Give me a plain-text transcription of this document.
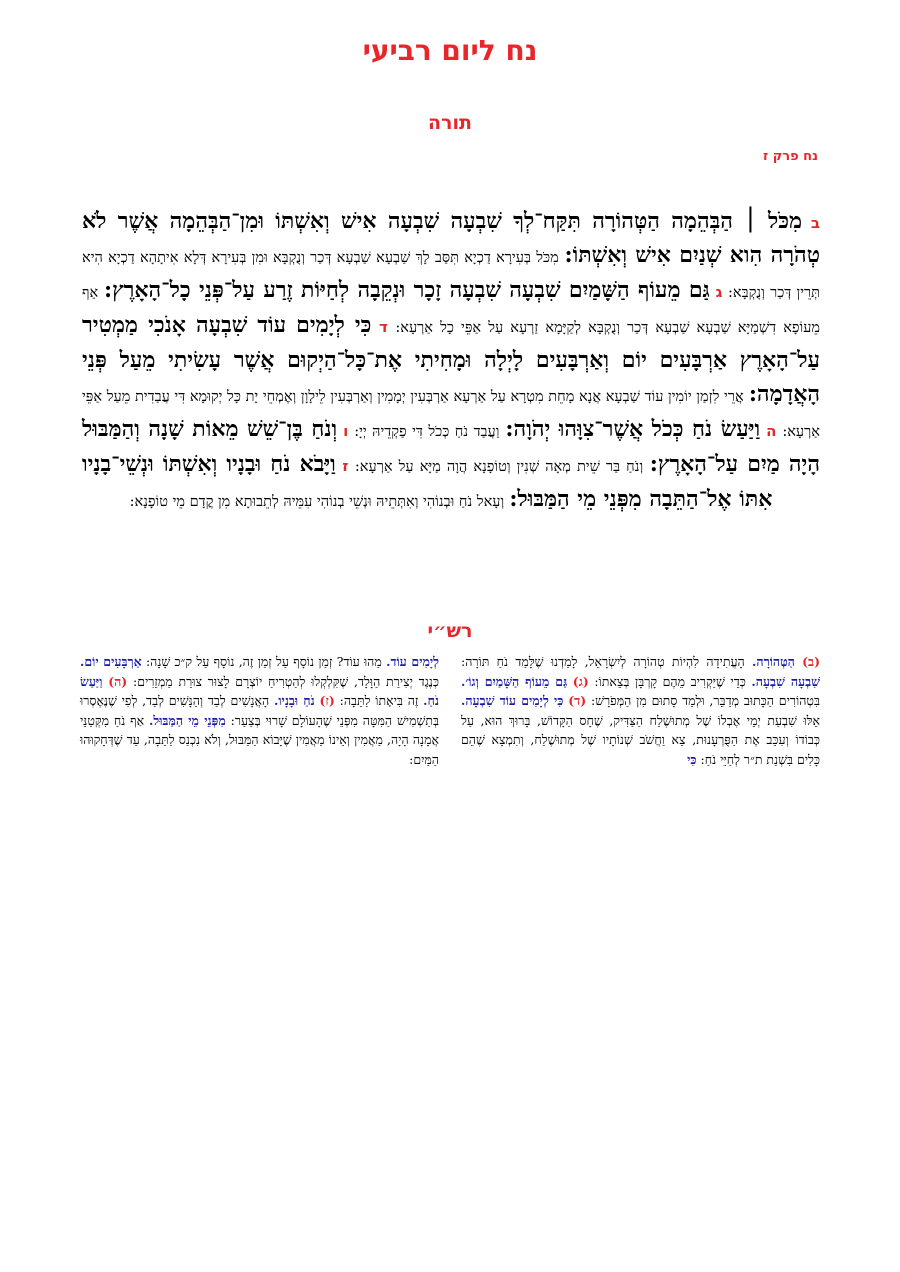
נח ליום רביעי
תורה
נח פרק ז

ב מִכֹּל ׀ הַבְּהֵמָה הַטְּהוֹרָה תִּקַּח־לְךָ שִׁבְעָה שִׁבְעָה אִישׁ וְאִשְׁתּוֹ וּמִן־הַבְּהֵמָה אֲשֶׁר לֹא טְהֹרָה הִוא שְׁנַיִם אִישׁ וְאִשְׁתּוֹ: מִכֹּל בְּעִירָא דַכְיָא תִּסַּב לָךְ שַׁבְעָא שַׁבְעָא דְּכַר וְנֻקְבָּא וּמִן בְּעִירָא דְּלָא אִיתָהָא דַכְיָא הִיא תְּרֵין דְּכַר וְנֻקְבָּא: ג גַּם מֵעוֹף הַשָּׁמַיִם שִׁבְעָה שִׁבְעָה זָכָר וּנְקֵבָה לְחַיּוֹת זֶרַע עַל־פְּנֵי כָל־הָאָרֶץ: אַף מֵעוֹפָא דִשְׁמַיָּא שַׁבְעָא שַׁבְעָא דְּכַר וְנֻקְבָּא לְקַיָּמָא זַרְעָא עַל אַפֵּי כָל אַרְעָא: ד כִּי לְיָמִים עוֹד שִׁבְעָה אָנֹכִי מַמְטִיר עַל־הָאָרֶץ אַרְבָּעִים יוֹם וְאַרְבָּעִים לָיְלָה וּמָחִיתִי אֶת־כָּל־הַיְקוּם אֲשֶׁר עָשִׂיתִי מֵעַל פְּנֵי הָאֲדָמָה: אֲרֵי לִזְמַן יוֹמִין עוֹד שַׁבְעָא אֲנָא מָחֵת מִטְרָא עַל אַרְעָא אַרְבְּעִין יְמָמִין וְאַרְבְּעִין לֵילָוָן וְאֶמְחֵי יָת כָּל יְקוּמָא דִּי עֲבַדִית מֵעַל אַפֵּי אַרְעָא: ה וַיַּעַשׂ נֹחַ כְּכֹל אֲשֶׁר־צִוָּהוּ יְהֹוָה: וַעֲבַד נֹחַ כְּכֹל דִּי פַקְדֵיהּ יְיָ: ו וְנֹחַ בֶּן־שֵׁשׁ מֵאוֹת שָׁנָה וְהַמַּבּוּל הָיָה מַיִם עַל־הָאָרֶץ: וְנֹחַ בַּר שֵׁית מְאָה שְׁנִין וְטוֹפָנָא הֲוָה מַיָּא עַל אַרְעָא: ז וַיָּבֹא נֹחַ וּבָנָיו וְאִשְׁתּוֹ וּנְשֵׁי־בָנָיו אִתּוֹ אֶל־הַתֵּבָה מִפְּנֵי מֵי הַמַּבּוּל: וְעָאל נֹחַ וּבְנוֹהִי וְאִתְּתֵיהּ וּנְשֵׁי בְנוֹהִי עִמֵּיהּ לְתֵבוּתָא מִן קֳדָם מֵי טוֹפָנָא:

רש״י

(ב) הַטְּהוֹרָה. הָעֲתִידָה לִהְיוֹת טְהוֹרָה לְיִשְׂרָאֵל, לָמַדְנוּ שֶׁלָּמַד נֹחַ תּוֹרָה: שִׁבְעָה שִׁבְעָה. כְּדֵי שֶׁיַּקְרִיב מֵהֶם קָרְבָּן בְּצֵאתוֹ: (ג) גַּם מֵעוֹף הַשָּׁמַיִם וְגוֹ׳. בִּטְהוֹרִים הַכָּתוּב מְדַבֵּר, וּלְמֵד סָתוּם מִן הַמְּפֹרָשׁ: (ד) כִּי לְיָמִים עוֹד שִׁבְעָה. אֵלּוּ שִׁבְעַת יְמֵי אֶבְלוֹ שֶׁל מְתוּשֶׁלַח הַצַּדִּיק, שֶׁחָס הַקָּדוֹשׁ, בָּרוּךְ הוּא, עַל כְּבוֹדוֹ וְעִכֵּב אֶת הַפֻּרְעָנוּת, צֵא וַחֲשֹׁב שְׁנוֹתָיו שֶׁל מְתוּשֶׁלַח, וְתִמְצָא שֶׁהֵם כָּלִים בִּשְׁנַת ת״ר לְחַיֵּי נֹחַ: כִּי

לְיָמִים עוֹד. מַהוּ עוֹד? זְמַן נוֹסָף עַל זְמַן זֶה, נוֹסָף עַל ק״כ שָׁנָה: אַרְבָּעִים יוֹם. כְּנֶגֶד יְצִירַת הַוָּלָד, שֶׁקִּלְקְלוּ לְהַטְרִיחַ יוֹצְרָם לָצוּר צוּרַת מַמְזֵרִים: (ה) וַיַּעַשׂ נֹחַ. זֶה בִּיאָתוֹ לַתֵּבָה: (ז) נֹחַ וּבָנָיו. הָאֲנָשִׁים לְבַד וְהַנָּשִׁים לְבַד, לְפִי שֶׁנֶּאֶסְרוּ בְּתַשְׁמִישׁ הַמִּטָּה מִפְּנֵי שֶׁהָעוֹלָם שָׁרוּי בְּצַעַר: מִפְּנֵי מֵי הַמַּבּוּל. אַף נֹחַ מִקְּטַנֵּי אֲמָנָה הָיָה, מַאֲמִין וְאֵינוֹ מַאֲמִין שֶׁיָּבוֹא הַמַּבּוּל, וְלֹא נִכְנַס לַתֵּבָה, עַד שֶׁדְּחָקוּהוּ הַמַּיִם:
